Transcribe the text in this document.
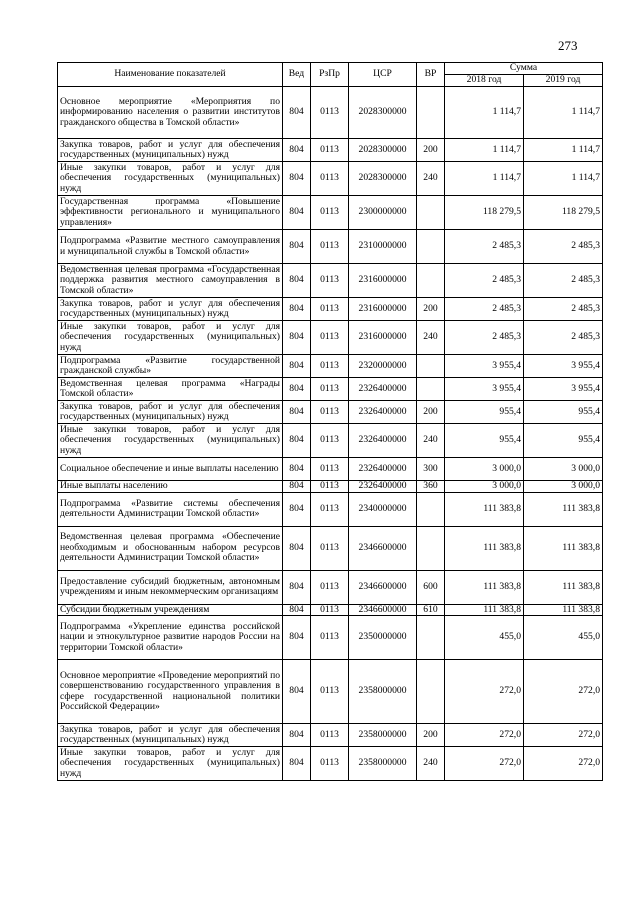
273
Наименование показателей	Вед	РзПр	ЦСР	ВР	Сумма	
					2018 год	2019 год
Основное мероприятие «Мероприятия по информированию населения о развитии институтов гражданского общества в Томской области»	804	0113	2028300000		1 114,7	1 114,7
Закупка товаров, работ и услуг для обеспечения государственных (муниципальных) нужд	804	0113	2028300000	200	1 114,7	1 114,7
Иные закупки товаров, работ и услуг для обеспечения государственных (муниципальных) нужд	804	0113	2028300000	240	1 114,7	1 114,7
Государственная программа «Повышение эффективности регионального и муниципального управления»	804	0113	2300000000		118 279,5	118 279,5
Подпрограмма «Развитие местного самоуправления и муниципальной службы в Томской области»	804	0113	2310000000		2 485,3	2 485,3
Ведомственная целевая программа «Государственная поддержка развития местного самоуправления в Томской области»	804	0113	2316000000		2 485,3	2 485,3
Закупка товаров, работ и услуг для обеспечения государственных (муниципальных) нужд	804	0113	2316000000	200	2 485,3	2 485,3
Иные закупки товаров, работ и услуг для обеспечения государственных (муниципальных) нужд	804	0113	2316000000	240	2 485,3	2 485,3
Подпрограмма «Развитие государственной гражданской службы»	804	0113	2320000000		3 955,4	3 955,4
Ведомственная целевая программа «Награды Томской области»	804	0113	2326400000		3 955,4	3 955,4
Закупка товаров, работ и услуг для обеспечения государственных (муниципальных) нужд	804	0113	2326400000	200	955,4	955,4
Иные закупки товаров, работ и услуг для обеспечения государственных (муниципальных) нужд	804	0113	2326400000	240	955,4	955,4
Социальное обеспечение и иные выплаты населению	804	0113	2326400000	300	3 000,0	3 000,0
Иные выплаты населению	804	0113	2326400000	360	3 000,0	3 000,0
Подпрограмма «Развитие системы обеспечения деятельности Администрации Томской области»	804	0113	2340000000		111 383,8	111 383,8
Ведомственная целевая программа «Обеспечение необходимым и обоснованным набором ресурсов деятельности Администрации Томской области»	804	0113	2346600000		111 383,8	111 383,8
Предоставление субсидий бюджетным, автономным учреждениям и иным некоммерческим организациям	804	0113	2346600000	600	111 383,8	111 383,8
Субсидии бюджетным учреждениям	804	0113	2346600000	610	111 383,8	111 383,8
Подпрограмма «Укрепление единства российской нации и этнокультурное развитие народов России на территории Томской области»	804	0113	2350000000		455,0	455,0
Основное мероприятие «Проведение мероприятий по совершенствованию государственного управления в сфере государственной национальной политики Российской Федерации»	804	0113	2358000000		272,0	272,0
Закупка товаров, работ и услуг для обеспечения государственных (муниципальных) нужд	804	0113	2358000000	200	272,0	272,0
Иные закупки товаров, работ и услуг для обеспечения государственных (муниципальных) нужд	804	0113	2358000000	240	272,0	272,0
